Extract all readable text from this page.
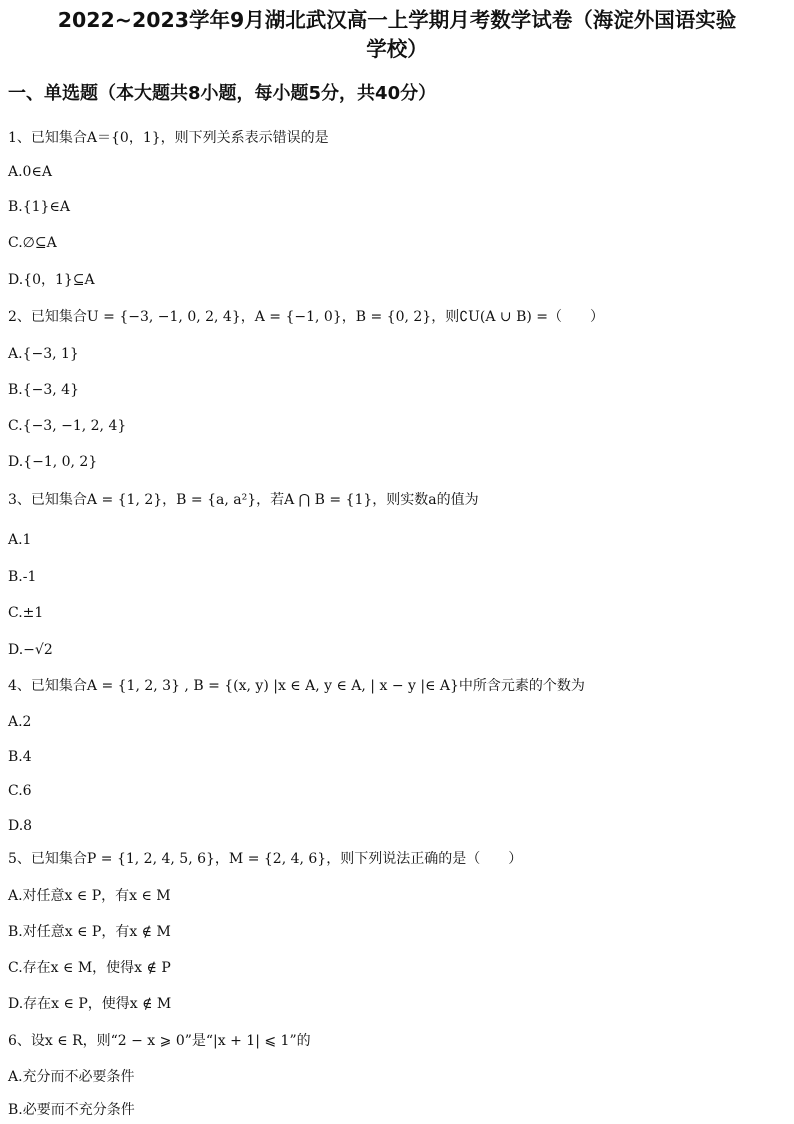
2022~2023学年9月湖北武汉高一上学期月考数学试卷（海淀外国语实验
学校）
一、单选题（本大题共8小题，每小题5分，共40分）
1、已知集合A＝{0，1}，则下列关系表示错误的是
A.0∈A
B.{1}∈A
C.∅⊆A
D.{0，1}⊆A
2、已知集合U = {−3, −1, 0, 2, 4}，A = {−1, 0}，B = {0, 2}，则∁U(A ∪ B) =（　　）
A.{−3, 1}
B.{−3, 4}
C.{−3, −1, 2, 4}
D.{−1, 0, 2}
3、已知集合A = {1, 2}，B = {a, a²}，若A ⋂ B = {1}，则实数a的值为
A.1
B.-1
C.±1
D.−√2
4、已知集合A = {1, 2, 3} , B = {(x, y) |x ∈ A, y ∈ A, | x − y |∈ A}中所含元素的个数为
A.2
B.4
C.6
D.8
5、已知集合P = {1, 2, 4, 5, 6}，M = {2, 4, 6}，则下列说法正确的是（　　）
A.对任意x ∈ P，有x ∈ M
B.对任意x ∈ P，有x ∉ M
C.存在x ∈ M，使得x ∉ P
D.存在x ∈ P，使得x ∉ M
6、设x ∈ R，则“2 − x ⩾ 0”是“|x + 1| ⩽ 1”的
A.充分而不必要条件
B.必要而不充分条件
